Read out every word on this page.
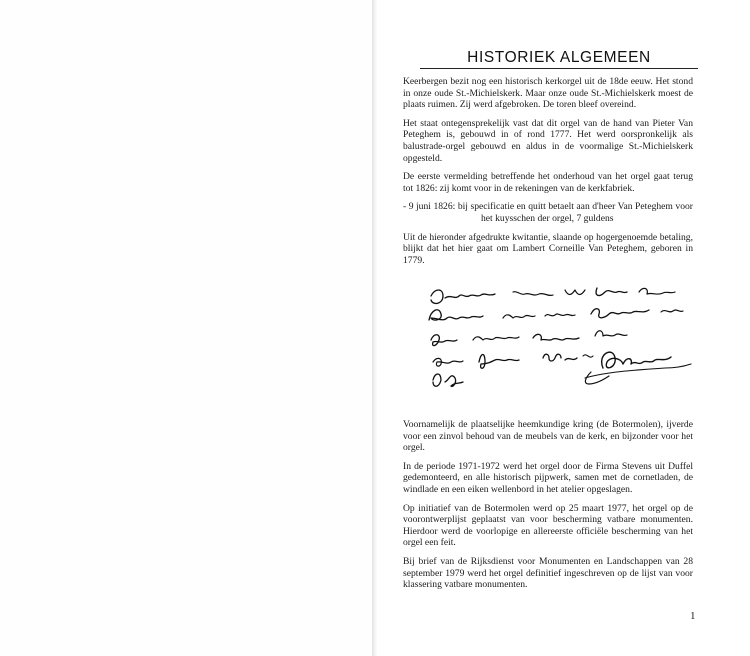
HISTORIEK ALGEMEEN

Keerbergen bezit nog een historisch kerkorgel uit de 18de eeuw. Het stond in onze oude St.-Michielskerk. Maar onze oude St.-Michielskerk moest de plaats ruimen. Zij werd afgebroken. De toren bleef overeind.

Het staat ontegensprekelijk vast dat dit orgel van de hand van Pieter Van Peteghem is, gebouwd in of rond 1777. Het werd oorspronkelijk als balustrade-orgel gebouwd en aldus in de voormalige St.-Michielskerk opgesteld.

De eerste vermelding betreffende het onderhoud van het orgel gaat terug tot 1826: zij komt voor in de rekeningen van de kerkfabriek.

- 9 juni 1826: bij specificatie en quitt betaelt aan d'heer Van Peteghem voor het kuysschen der orgel, 7 guldens

Uit de hieronder afgedrukte kwitantie, slaande op hogergenoemde betaling, blijkt dat het hier gaat om Lambert Corneille Van Peteghem, geboren in 1779.

Voornamelijk de plaatselijke heemkundige kring (de Botermolen), ijverde voor een zinvol behoud van de meubels van de kerk, en bijzonder voor het orgel.

In de periode 1971-1972 werd het orgel door de Firma Stevens uit Duffel gedemonteerd, en alle historisch pijpwerk, samen met de cornetladen, de windlade en een eiken wellenbord in het atelier opgeslagen.

Op initiatief van de Botermolen werd op 25 maart 1977, het orgel op de voorontwerplijst geplaatst van voor bescherming vatbare monumenten. Hierdoor werd de voorlopige en allereerste officiële bescherming van het orgel een feit.

Bij brief van de Rijksdienst voor Monumenten en Landschappen van 28 september 1979 werd het orgel definitief ingeschreven op de lijst van voor klassering vatbare monumenten.

1
